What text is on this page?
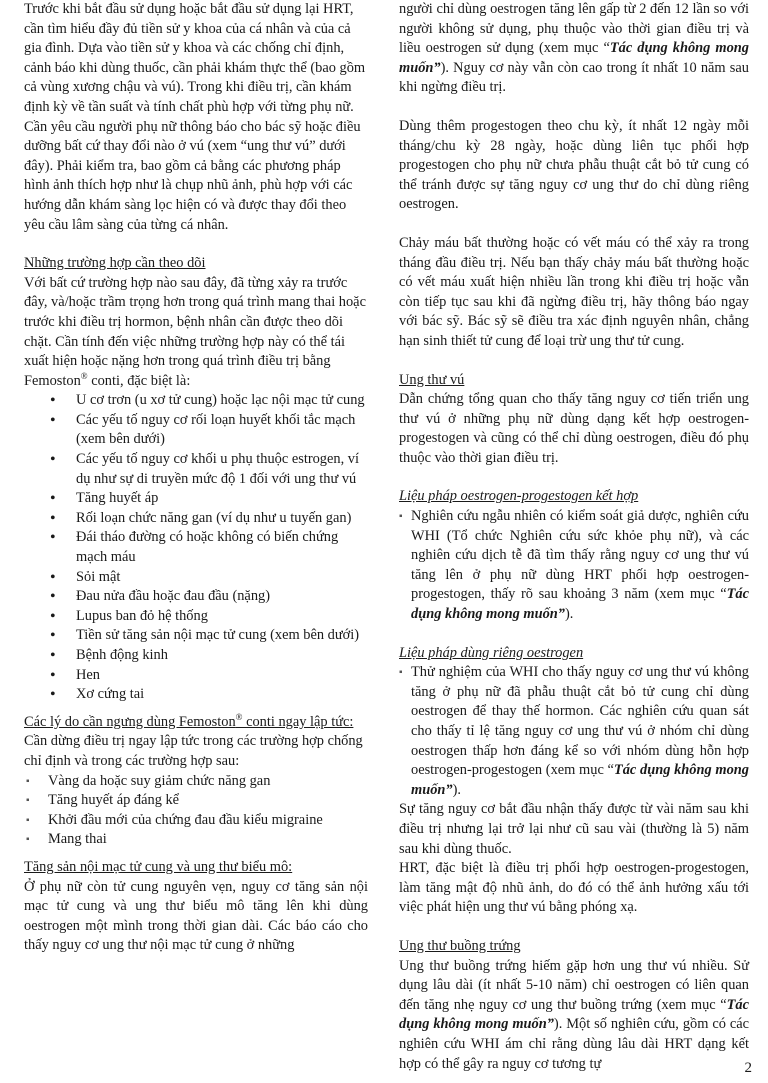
Trước khi bắt đầu sử dụng hoặc bắt đầu sử dụng lại HRT, cần tìm hiểu đầy đủ tiền sử y khoa của cá nhân và của cả gia đình. Dựa vào tiền sử y khoa và các chống chỉ định, cảnh báo khi dùng thuốc, cần phải khám thực thể (bao gồm cả vùng xương chậu và vú). Trong khi điều trị, cần khám định kỳ về tần suất và tính chất phù hợp với từng phụ nữ. Cần yêu cầu người phụ nữ thông báo cho bác sỹ hoặc điều dưỡng bất cứ thay đổi nào ở vú (xem “ung thư vú” dưới đây). Phải kiểm tra, bao gồm cả bằng các phương pháp hình ảnh thích hợp như là chụp nhũ ảnh, phù hợp với các hướng dẫn khám sàng lọc hiện có và được thay đổi theo yêu cầu lâm sàng của từng cá nhân.

Những trường hợp cần theo dõi

Với bất cứ trường hợp nào sau đây, đã từng xảy ra trước đây, và/hoặc trầm trọng hơn trong quá trình mang thai hoặc trước khi điều trị hormon, bệnh nhân cần được theo dõi chặt. Cần tính đến việc những trường hợp này có thể tái xuất hiện hoặc nặng hơn trong quá trình điều trị bằng Femoston® conti, đặc biệt là:

• U cơ trơn (u xơ tử cung) hoặc lạc nội mạc tử cung
• Các yếu tố nguy cơ rối loạn huyết khối tắc mạch (xem bên dưới)
• Các yếu tố nguy cơ khối u phụ thuộc estrogen, ví dụ như sự di truyền mức độ 1 đối với ung thư vú
• Tăng huyết áp
• Rối loạn chức năng gan (ví dụ như u tuyến gan)
• Đái tháo đường có hoặc không có biến chứng mạch máu
• Sỏi mật
• Đau nửa đầu hoặc đau đầu (nặng)
• Lupus ban đỏ hệ thống
• Tiền sử tăng sản nội mạc tử cung (xem bên dưới)
• Bệnh động kinh
• Hen
• Xơ cứng tai

Các lý do cần ngưng dùng Femoston® conti ngay lập tức:

Cần dừng điều trị ngay lập tức trong các trường hợp chống chỉ định và trong các trường hợp sau:

▪ Vàng da hoặc suy giảm chức năng gan
▪ Tăng huyết áp đáng kể
▪ Khởi đầu mới của chứng đau đầu kiểu migraine
▪ Mang thai

Tăng sản nội mạc tử cung và ung thư biểu mô:

Ở phụ nữ còn tử cung nguyên vẹn, nguy cơ tăng sản nội mạc tử cung và ung thư biểu mô tăng lên khi dùng oestrogen một mình trong thời gian dài. Các báo cáo cho thấy nguy cơ ung thư nội mạc tử cung ở những

người chỉ dùng oestrogen tăng lên gấp từ 2 đến 12 lần so với người không sử dụng, phụ thuộc vào thời gian điều trị và liều oestrogen sử dụng (xem mục “Tác dụng không mong muốn”). Nguy cơ này vẫn còn cao trong ít nhất 10 năm sau khi ngừng điều trị.

Dùng thêm progestogen theo chu kỳ, ít nhất 12 ngày mỗi tháng/chu kỳ 28 ngày, hoặc dùng liên tục phối hợp progestogen cho phụ nữ chưa phẫu thuật cắt bỏ tử cung có thể tránh được sự tăng nguy cơ ung thư do chỉ dùng riêng oestrogen.

Chảy máu bất thường hoặc có vết máu có thể xảy ra trong tháng đầu điều trị. Nếu bạn thấy chảy máu bất thường hoặc có vết máu xuất hiện nhiều lần trong khi điều trị hoặc vẫn còn tiếp tục sau khi đã ngừng điều trị, hãy thông báo ngay với bác sỹ. Bác sỹ sẽ điều tra xác định nguyên nhân, chẳng hạn sinh thiết tử cung để loại trừ ung thư tử cung.

Ung thư vú

Dẫn chứng tổng quan cho thấy tăng nguy cơ tiến triển ung thư vú ở những phụ nữ dùng dạng kết hợp oestrogen-progestogen và cũng có thể chỉ dùng oestrogen, điều đó phụ thuộc vào thời gian điều trị.

Liệu pháp oestrogen-progestogen kết hợp

▪ Nghiên cứu ngẫu nhiên có kiểm soát giả dược, nghiên cứu WHI (Tổ chức Nghiên cứu sức khỏe phụ nữ), và các nghiên cứu dịch tễ đã tìm thấy rằng nguy cơ ung thư vú tăng lên ở phụ nữ dùng HRT phối hợp oestrogen-progestogen, thấy rõ sau khoảng 3 năm (xem mục “Tác dụng không mong muốn”).

Liệu pháp dùng riêng oestrogen

▪ Thử nghiệm của WHI cho thấy nguy cơ ung thư vú không tăng ở phụ nữ đã phẫu thuật cắt bỏ tử cung chỉ dùng oestrogen để thay thế hormon. Các nghiên cứu quan sát cho thấy tỉ lệ tăng nguy cơ ung thư vú ở nhóm chỉ dùng oestrogen thấp hơn đáng kể so với nhóm dùng hỗn hợp oestrogen-progestogen (xem mục “Tác dụng không mong muốn”).

Sự tăng nguy cơ bắt đầu nhận thấy được từ vài năm sau khi điều trị nhưng lại trở lại như cũ sau vài (thường là 5) năm sau khi dùng thuốc.

HRT, đặc biệt là điều trị phối hợp oestrogen-progestogen, làm tăng mật độ nhũ ảnh, do đó có thể ảnh hưởng xấu tới việc phát hiện ung thư vú bằng phóng xạ.

Ung thư buồng trứng

Ung thư buồng trứng hiếm gặp hơn ung thư vú nhiều. Sử dụng lâu dài (ít nhất 5-10 năm) chỉ oestrogen có liên quan đến tăng nhẹ nguy cơ ung thư buồng trứng (xem mục “Tác dụng không mong muốn”). Một số nghiên cứu, gồm có các nghiên cứu WHI ám chỉ rằng dùng lâu dài HRT dạng kết hợp có thể gây ra nguy cơ tương tự	2
